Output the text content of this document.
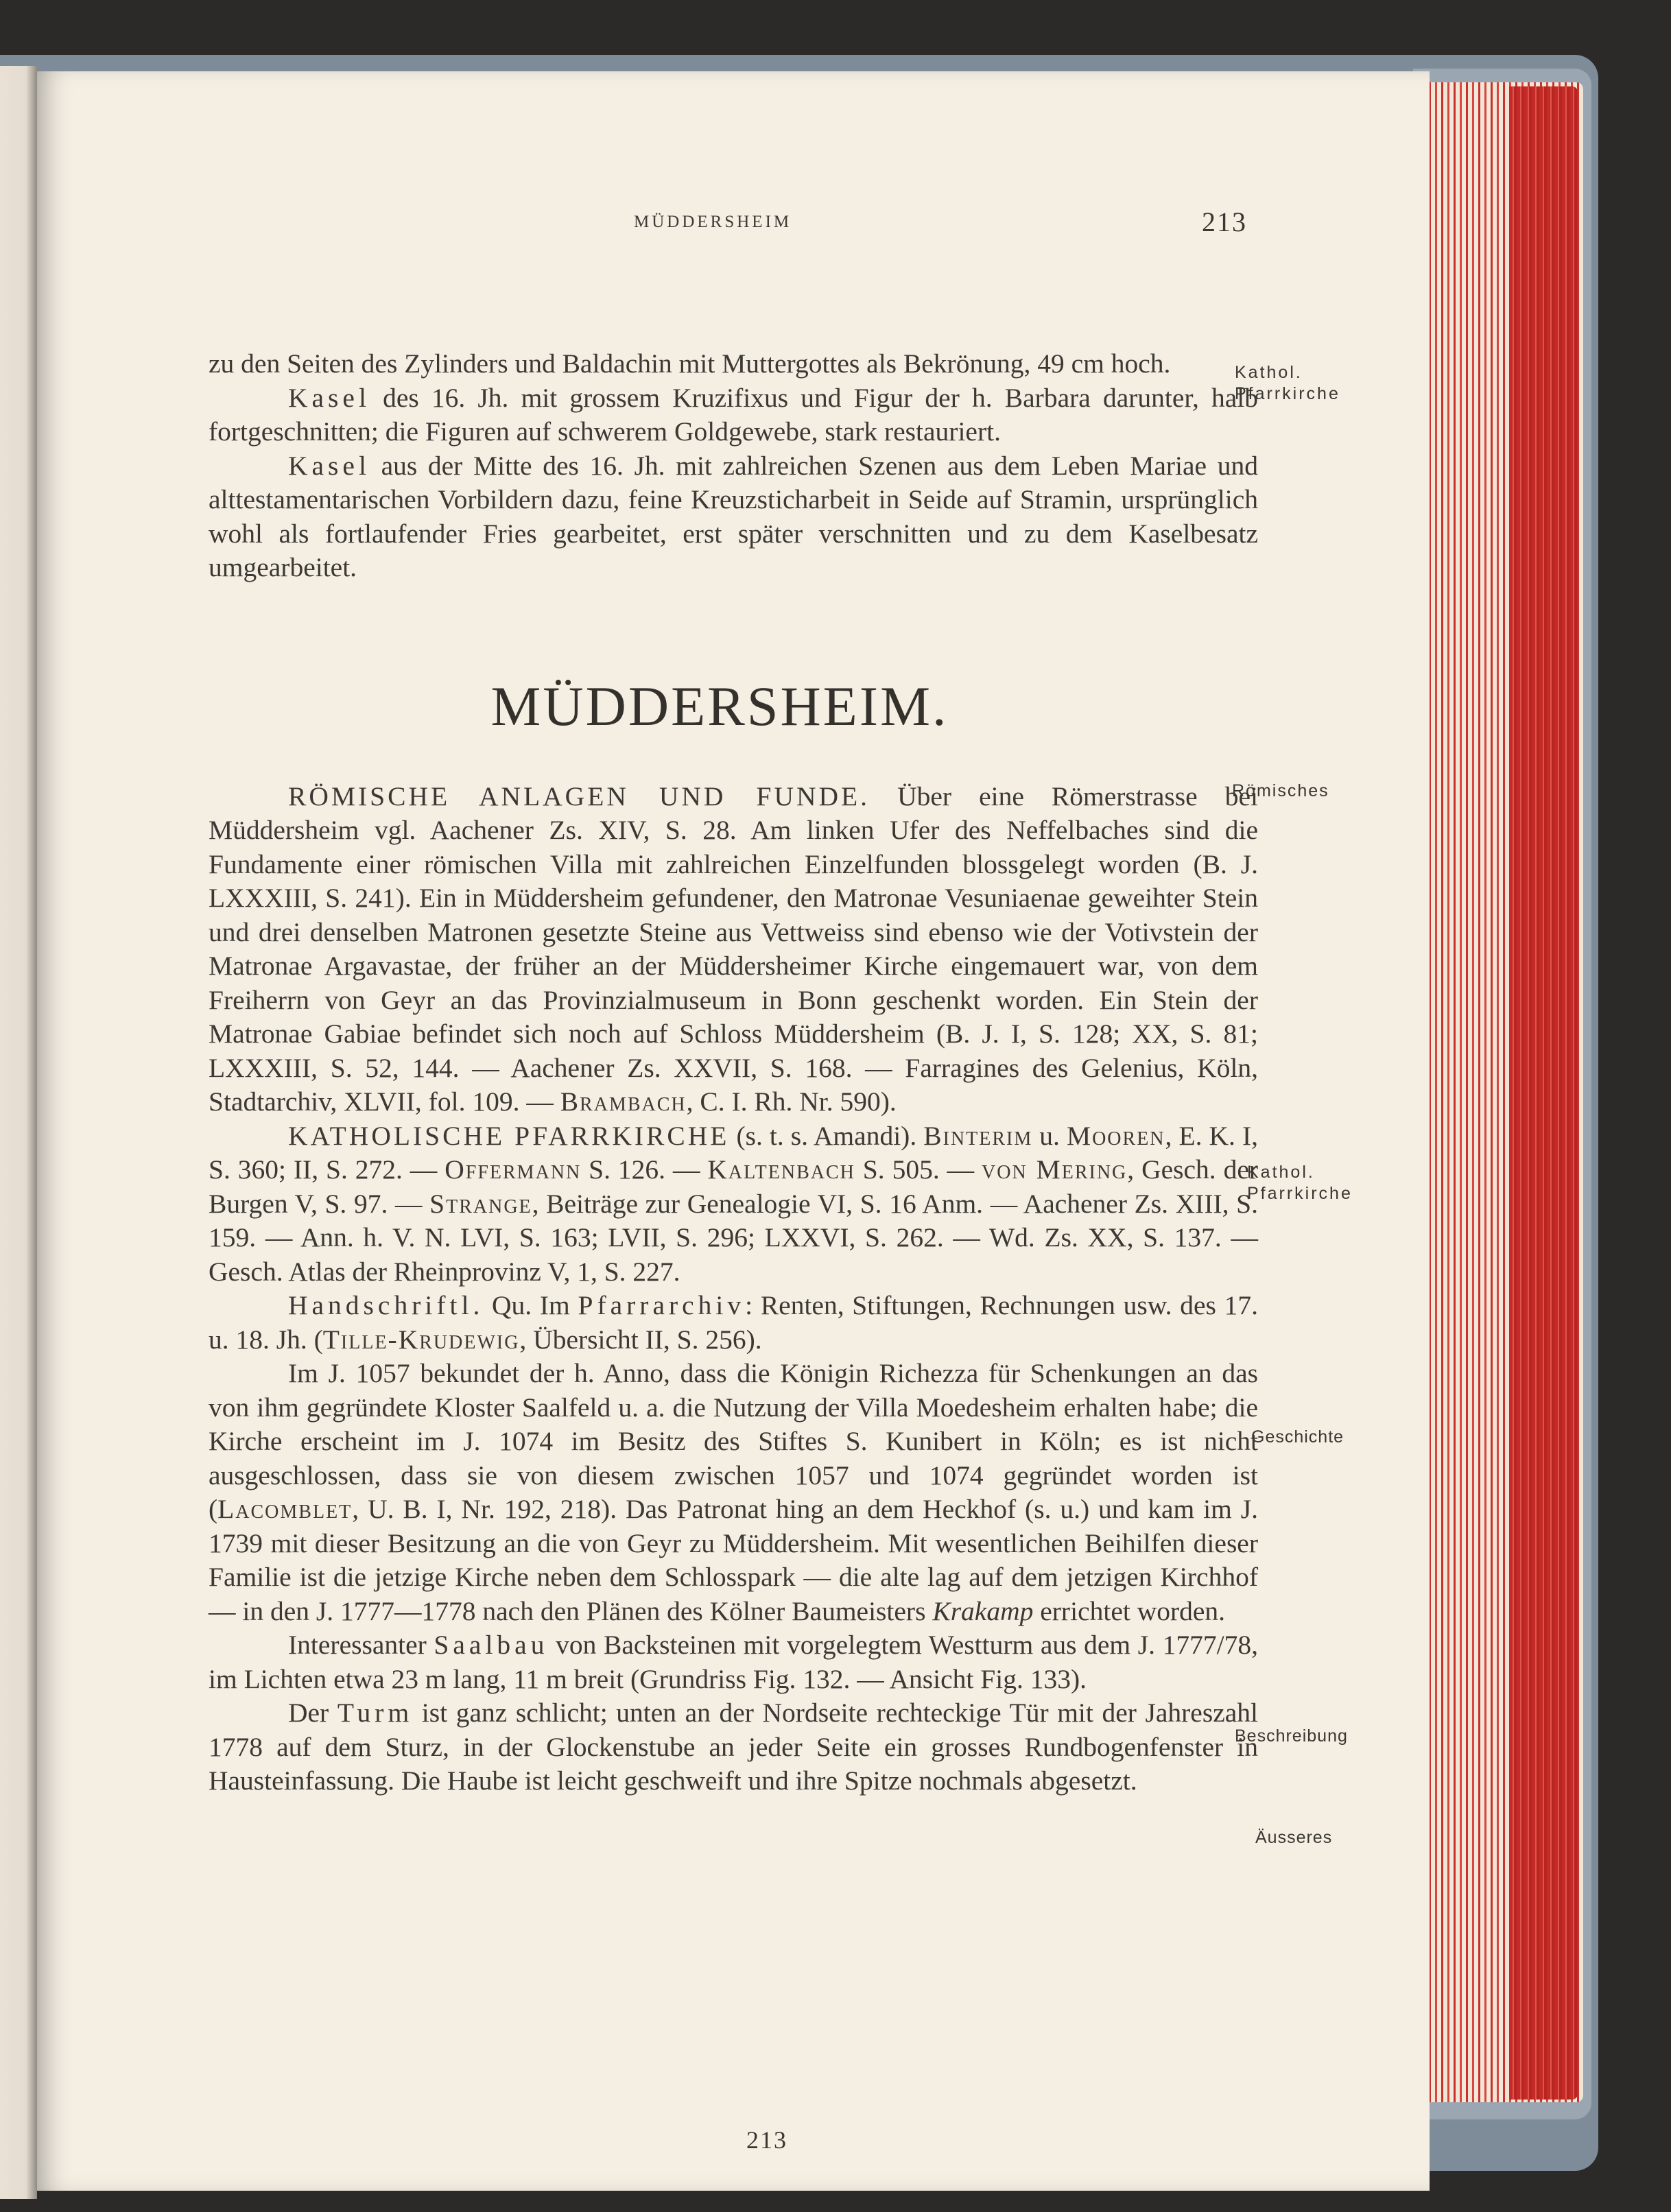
MÜDDERSHEIM	213

zu den Seiten des Zylinders und Baldachin mit Muttergottes als Bekrönung, 49 cm hoch.

Kasel des 16. Jh. mit grossem Kruzifixus und Figur der h. Barbara darunter, halb fortgeschnitten; die Figuren auf schwerem Goldgewebe, stark restauriert.

Kasel aus der Mitte des 16. Jh. mit zahlreichen Szenen aus dem Leben Mariae und alttestamentarischen Vorbildern dazu, feine Kreuzsticharbeit in Seide auf Stramin, ursprünglich wohl als fortlaufender Fries gearbeitet, erst später verschnitten und zu dem Kaselbesatz umgearbeitet.

MÜDDERSHEIM.

RÖMISCHE ANLAGEN UND FUNDE. Über eine Römerstrasse bei Müddersheim vgl. Aachener Zs. XIV, S. 28. Am linken Ufer des Neffelbaches sind die Fundamente einer römischen Villa mit zahlreichen Einzelfunden blossgelegt worden (B. J. LXXXIII, S. 241). Ein in Müddersheim gefundener, den Matronae Vesuniaenae geweihter Stein und drei denselben Matronen gesetzte Steine aus Vettweiss sind ebenso wie der Votivstein der Matronae Argavastae, der früher an der Müddersheimer Kirche eingemauert war, von dem Freiherrn von Geyr an das Provinzialmuseum in Bonn geschenkt worden. Ein Stein der Matronae Gabiae befindet sich noch auf Schloss Müddersheim (B. J. I, S. 128; XX, S. 81; LXXXIII, S. 52, 144. — Aachener Zs. XXVII, S. 168. — Farragines des Gelenius, Köln, Stadtarchiv, XLVII, fol. 109. — Brambach, C. I. Rh. Nr. 590).

KATHOLISCHE PFARRKIRCHE (s. t. s. Amandi). Binterim u. Mooren, E. K. I, S. 360; II, S. 272. — Offermann S. 126. — Kaltenbach S. 505. — von Mering, Gesch. der Burgen V, S. 97. — Strange, Beiträge zur Genealogie VI, S. 16 Anm. — Aachener Zs. XIII, S. 159. — Ann. h. V. N. LVI, S. 163; LVII, S. 296; LXXVI, S. 262. — Wd. Zs. XX, S. 137. — Gesch. Atlas der Rheinprovinz V, 1, S. 227.

Handschriftl. Qu. Im Pfarrarchiv: Renten, Stiftungen, Rechnungen usw. des 17. u. 18. Jh. (Tille-Krudewig, Übersicht II, S. 256).

Im J. 1057 bekundet der h. Anno, dass die Königin Richezza für Schenkungen an das von ihm gegründete Kloster Saalfeld u. a. die Nutzung der Villa Moedesheim erhalten habe; die Kirche erscheint im J. 1074 im Besitz des Stiftes S. Kunibert in Köln; es ist nicht ausgeschlossen, dass sie von diesem zwischen 1057 und 1074 gegründet worden ist (Lacomblet, U. B. I, Nr. 192, 218). Das Patronat hing an dem Heckhof (s. u.) und kam im J. 1739 mit dieser Besitzung an die von Geyr zu Müddersheim. Mit wesentlichen Beihilfen dieser Familie ist die jetzige Kirche neben dem Schlosspark — die alte lag auf dem jetzigen Kirchhof — in den J. 1777—1778 nach den Plänen des Kölner Baumeisters Krakamp errichtet worden.

Interessanter Saalbau von Backsteinen mit vorgelegtem Westturm aus dem J. 1777/78, im Lichten etwa 23 m lang, 11 m breit (Grundriss Fig. 132. — Ansicht Fig. 133).

Der Turm ist ganz schlicht; unten an der Nordseite rechteckige Tür mit der Jahreszahl 1778 auf dem Sturz, in der Glockenstube an jeder Seite ein grosses Rundbogenfenster in Hausteinfassung. Die Haube ist leicht geschweift und ihre Spitze nochmals abgesetzt.

Kathol.
Pfarrkirche
Römisches
Kathol.
Pfarrkirche
Geschichte
Beschreibung
Äusseres
213
